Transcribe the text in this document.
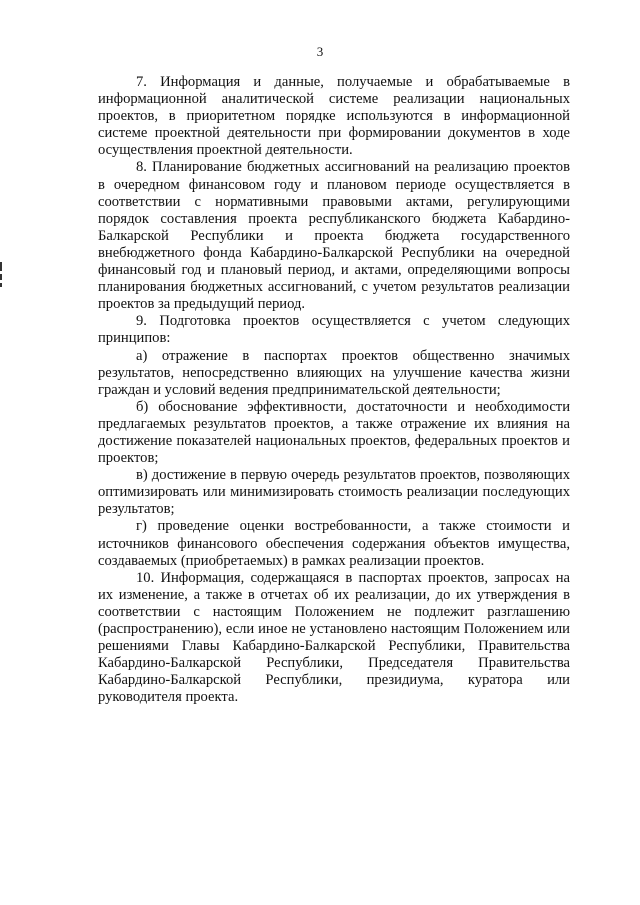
3

7. Информация и данные, получаемые и обрабатываемые в информационной аналитической системе реализации национальных проектов, в приоритетном порядке используются в информационной системе проектной деятельности при формировании документов в ходе осуществления проектной деятельности.

8. Планирование бюджетных ассигнований на реализацию проектов в очередном финансовом году и плановом периоде осуществляется в соответствии с нормативными правовыми актами, регулирующими порядок составления проекта республиканского бюджета Кабардино-Балкарской Республики и проекта бюджета государственного внебюджетного фонда Кабардино-Балкарской Республики на очередной финансовый год и плановый период, и актами, определяющими вопросы планирования бюджетных ассигнований, с учетом результатов реализации проектов за предыдущий период.

9. Подготовка проектов осуществляется с учетом следующих принципов:

а) отражение в паспортах проектов общественно значимых результатов, непосредственно влияющих на улучшение качества жизни граждан и условий ведения предпринимательской деятельности;

б) обоснование эффективности, достаточности и необходимости предлагаемых результатов проектов, а также отражение их влияния на достижение показателей национальных проектов, федеральных проектов и проектов;

в) достижение в первую очередь результатов проектов, позволяющих оптимизировать или минимизировать стоимость реализации последующих результатов;

г) проведение оценки востребованности, а также стоимости и источников финансового обеспечения содержания объектов имущества, создаваемых (приобретаемых) в рамках реализации проектов.

10. Информация, содержащаяся в паспортах проектов, запросах на их изменение, а также в отчетах об их реализации, до их утверждения в соответствии с настоящим Положением не подлежит разглашению (распространению), если иное не установлено настоящим Положением или решениями Главы Кабардино-Балкарской Республики, Правительства Кабардино-Балкарской Республики, Председателя Правительства Кабардино-Балкарской Республики, президиума, куратора или руководителя проекта.
